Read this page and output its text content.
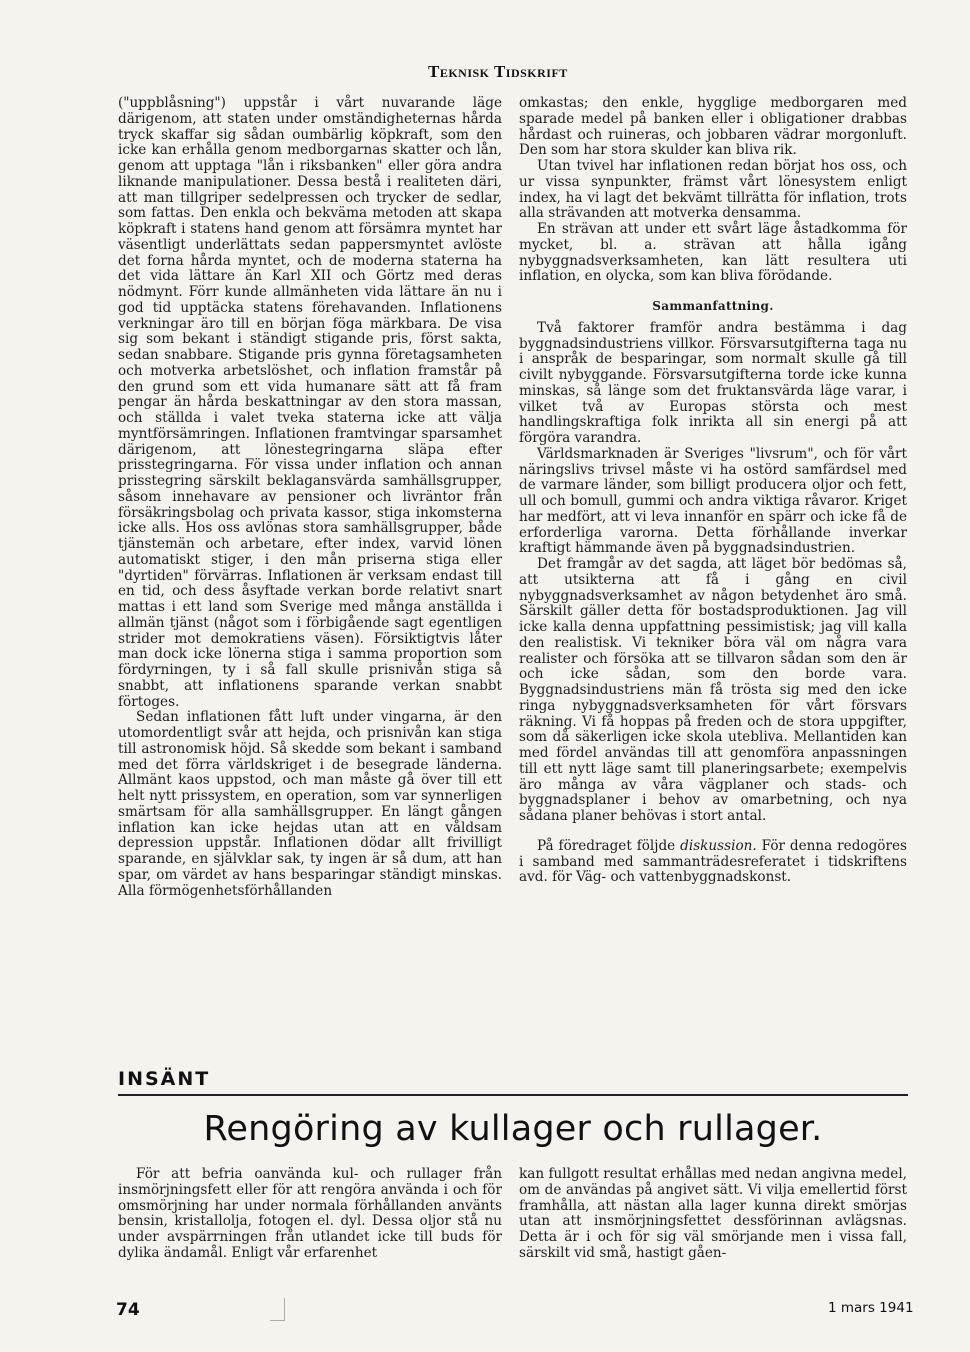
Teknisk Tidskrift

("uppblåsning") uppstår i vårt nuvarande läge därigenom, att staten under omständigheternas hårda tryck skaffar sig sådan oumbärlig köpkraft, som den icke kan erhålla genom medborgarnas skatter och lån, genom att upptaga "lån i riksbanken" eller göra andra liknande manipulationer. Dessa bestå i realiteten däri, att man tillgriper sedelpressen och trycker de sedlar, som fattas. Den enkla och bekväma metoden att skapa köpkraft i statens hand genom att försämra myntet har väsentligt underlättats sedan pappersmyntet avlöste det forna hårda myntet, och de moderna staterna ha det vida lättare än Karl XII och Görtz med deras nödmynt. Förr kunde allmänheten vida lättare än nu i god tid upptäcka statens förehavanden. Inflationens verkningar äro till en början föga märkbara. De visa sig som bekant i ständigt stigande pris, först sakta, sedan snabbare. Stigande pris gynna företagsamheten och motverka arbetslöshet, och inflation framstår på den grund som ett vida humanare sätt att få fram pengar än hårda beskattningar av den stora massan, och ställda i valet tveka staterna icke att välja myntförsämringen. Inflationen framtvingar sparsamhet därigenom, att lönestegringarna släpa efter prisstegringarna. För vissa under inflation och annan prisstegring särskilt beklagansvärda samhällsgrupper, såsom innehavare av pensioner och livräntor från försäkringsbolag och privata kassor, stiga inkomsterna icke alls. Hos oss avlönas stora samhällsgrupper, både tjänstemän och arbetare, efter index, varvid lönen automatiskt stiger, i den mån priserna stiga eller "dyrtiden" förvärras. Inflationen är verksam endast till en tid, och dess åsyftade verkan borde relativt snart mattas i ett land som Sverige med många anställda i allmän tjänst (något som i förbigående sagt egentligen strider mot demokratiens väsen). Försiktigtvis låter man dock icke lönerna stiga i samma proportion som fördyrningen, ty i så fall skulle prisnivån stiga så snabbt, att inflationens sparande verkan snabbt förtoges.

Sedan inflationen fått luft under vingarna, är den utomordentligt svår att hejda, och prisnivån kan stiga till astronomisk höjd. Så skedde som bekant i samband med det förra världskriget i de besegrade länderna. Allmänt kaos uppstod, och man måste gå över till ett helt nytt prissystem, en operation, som var synnerligen smärtsam för alla samhällsgrupper. En längt gången inflation kan icke hejdas utan att en våldsam depression uppstår. Inflationen dödar allt frivilligt sparande, en självklar sak, ty ingen är så dum, att han spar, om värdet av hans besparingar ständigt minskas. Alla förmögenhetsförhållanden

omkastas; den enkle, hygglige medborgaren med sparade medel på banken eller i obligationer drabbas hårdast och ruineras, och jobbaren vädrar morgonluft. Den som har stora skulder kan bliva rik.

Utan tvivel har inflationen redan börjat hos oss, och ur vissa synpunkter, främst vårt lönesystem enligt index, ha vi lagt det bekvämt tillrätta för inflation, trots alla strävanden att motverka densamma.

En strävan att under ett svårt läge åstadkomma för mycket, bl. a. strävan att hålla igång nybyggnadsverksamheten, kan lätt resultera uti inflation, en olycka, som kan bliva förödande.

Sammanfattning.

Två faktorer framför andra bestämma i dag byggnadsindustriens villkor. Försvarsutgifterna taga nu i anspråk de besparingar, som normalt skulle gå till civilt nybyggande. Försvarsutgifterna torde icke kunna minskas, så länge som det fruktansvärda läge varar, i vilket två av Europas största och mest handlingskraftiga folk inrikta all sin energi på att förgöra varandra.

Världsmarknaden är Sveriges "livsrum", och för vårt näringslivs trivsel måste vi ha ostörd samfärdsel med de varmare länder, som billigt producera oljor och fett, ull och bomull, gummi och andra viktiga råvaror. Kriget har medfört, att vi leva innanför en spärr och icke få de erforderliga varorna. Detta förhållande inverkar kraftigt hämmande även på byggnadsindustrien.

Det framgår av det sagda, att läget bör bedömas så, att utsikterna att få i gång en civil nybyggnadsverksamhet av någon betydenhet äro små. Särskilt gäller detta för bostadsproduktionen. Jag vill icke kalla denna uppfattning pessimistisk; jag vill kalla den realistisk. Vi tekniker böra väl om några vara realister och försöka att se tillvaron sådan som den är och icke sådan, som den borde vara. Byggnadsindustriens män få trösta sig med den icke ringa nybyggnadsverksamheten för vårt försvars räkning. Vi få hoppas på freden och de stora uppgifter, som då säkerligen icke skola utebliva. Mellantiden kan med fördel användas till att genomföra anpassningen till ett nytt läge samt till planeringsarbete; exempelvis äro många av våra vägplaner och stads- och byggnadsplaner i behov av omarbetning, och nya sådana planer behövas i stort antal.

På föredraget följde diskussion. För denna redogöres i samband med sammanträdesreferatet i tidskriftens avd. för Väg- och vattenbyggnadskonst.

INSÄNT
Rengöring av kullager och rullager.

För att befria oanvända kul- och rullager från insmörjningsfett eller för att rengöra använda i och för omsmörjning har under normala förhållanden använts bensin, kristallolja, fotogen el. dyl. Dessa oljor stå nu under avspärrningen från utlandet icke till buds för dylika ändamål. Enligt vår erfarenhet

kan fullgott resultat erhållas med nedan angivna medel, om de användas på angivet sätt. Vi vilja emellertid först framhålla, att nästan alla lager kunna direkt smörjas utan att insmörjningsfettet dessförinnan avlägsnas. Detta är i och för sig väl smörjande men i vissa fall, särskilt vid små, hastigt gåen-

74	1 mars 1941
